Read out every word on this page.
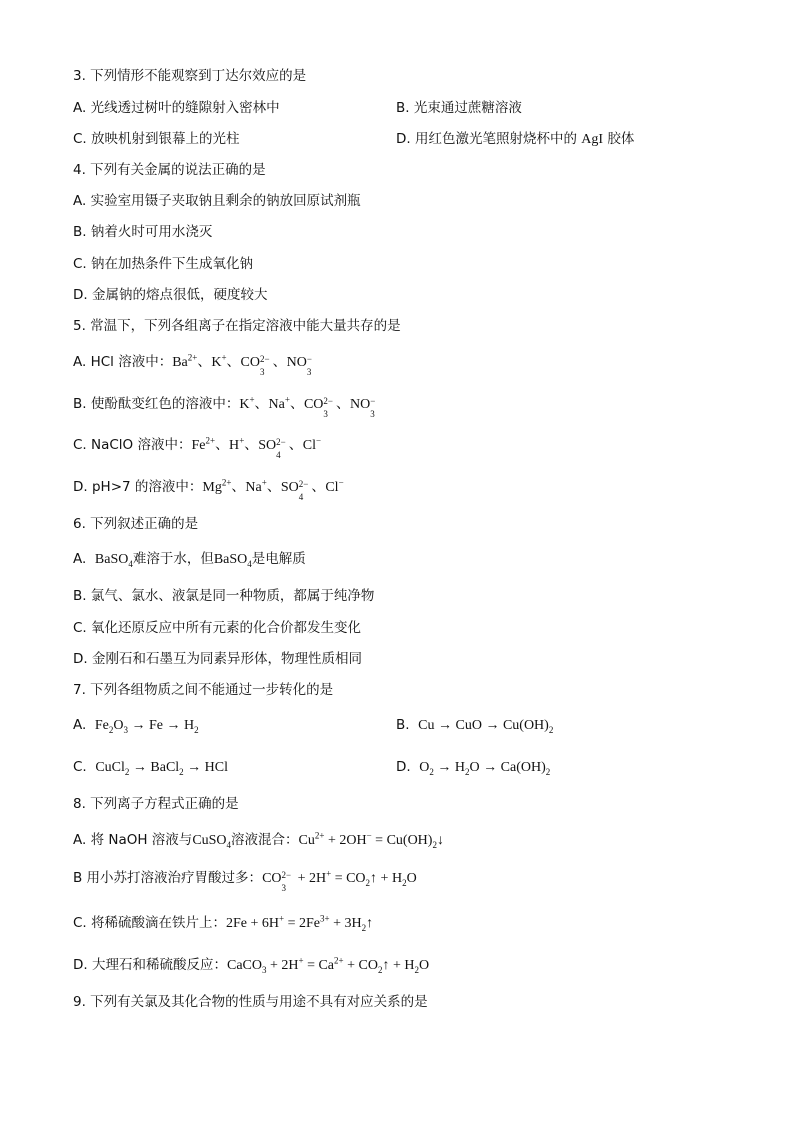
3. 下列情形不能观察到丁达尔效应的是
A. 光线透过树叶的缝隙射入密林中	B. 光束通过蔗糖溶液
C. 放映机射到银幕上的光柱	D. 用红色激光笔照射烧杯中的 AgI 胶体
4. 下列有关金属的说法正确的是
A. 实验室用镊子夹取钠且剩余的钠放回原试剂瓶
B. 钠着火时可用水浇灭
C. 钠在加热条件下生成氧化钠
D. 金属钠的熔点很低，硬度较大
5. 常温下，下列各组离子在指定溶液中能大量共存的是
A. HCl 溶液中：$Ba^{2+}$、K+、CO 2−
3
、NO −
3
B. 使酚酞变红色的溶液中：K+、Na+、CO 2−
3
、NO −
3
C. NaClO 溶液中：$Fe^{2+}$、H+、SO 2−
4
、Cl−
D. pH>7 的溶液中：$Mg^{2+}$、Na+、SO 2−
4
、Cl−
6. 下列叙述正确的是
A. BaSO$_4$难溶于水，但BaSO$_4$是电解质
B. 氯气、氯水、液氯是同一种物质，都属于纯净物
C. 氧化还原反应中所有元素的化合价都发生变化
D. 金刚石和石墨互为同素异形体，物理性质相同
7. 下列各组物质之间不能通过一步转化的是
A. $Fe_2O_3 \to Fe \to H_2$	B. Cu → CuO → $Cu(OH)_2$
C. CuCl$_2$ → BaCl$_2$ → HCl	D. $O_2 \to H_2O \to Ca(OH)_2$
8. 下列离子方程式正确的是
A. 将 NaOH 溶液与CuSO$_4$溶液混合：$Cu^{2+} + 2OH^-$ = $Cu(OH)_2↓$
B 用小苏打溶液治疗胃酸过多：CO 2−
3
+ $2H^+ = CO_2↑ + H_2O$
C. 将稀硫酸滴在铁片上：$2Fe + 6H^+ = 2Fe^{3+}$ + $3H_2↑$
D. 大理石和稀硫酸反应：CaCO$_3$ + $2H^+ = Ca^{2+}$ + $CO_2↑ + H_2O$
9. 下列有关氯及其化合物的性质与用途不具有对应关系的是
